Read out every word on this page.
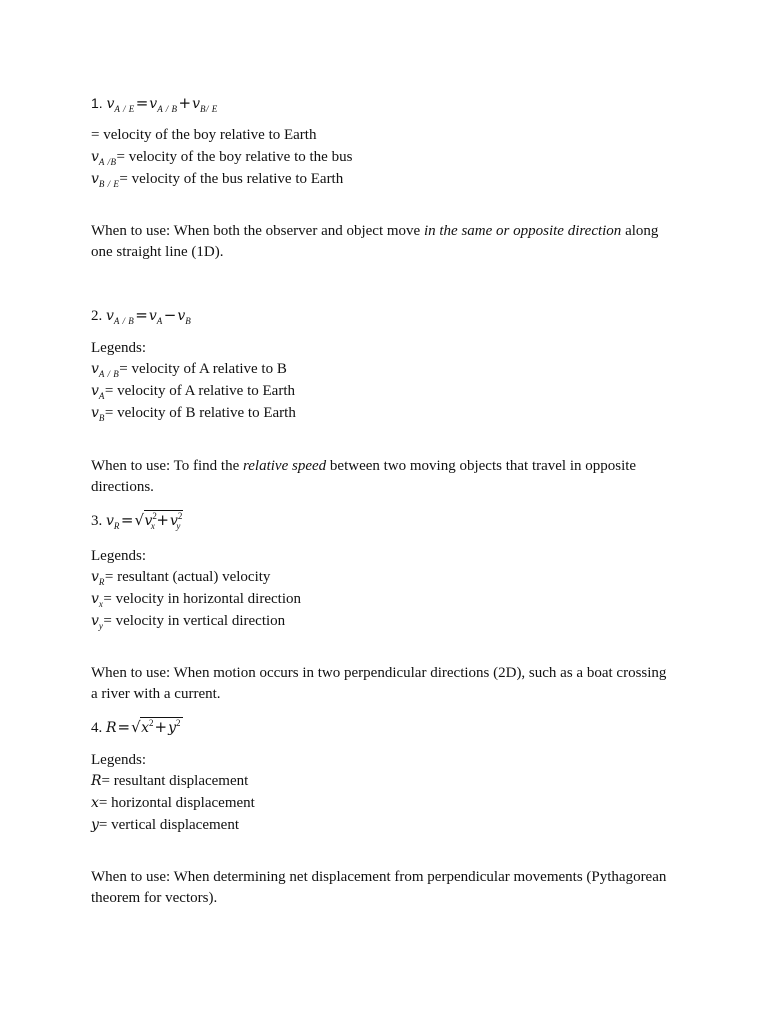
1. $v_{A / E}=v_{A / B}+v_{B/ E}$
= velocity of the boy relative to Earth
$v_{A /B}=$ velocity of the boy relative to the bus
$v_{B / E}=$ velocity of the bus relative to Earth
When to use: When both the observer and object move in the same or opposite direction along one straight line (1D).
2. $v_{A / B}=v_A-v_B$
Legends:
$v_{A / B}=$ velocity of A relative to B
$v_A=$ velocity of A relative to Earth
$v_B=$ velocity of B relative to Earth
When to use: To find the relative speed between two moving objects that travel in opposite directions.
3. $v_R=$ √ $v^2_x+v^2_y$
Legends:
$v_R=$ resultant (actual) velocity
$v_x=$ velocity in horizontal direction
$v_y=$ velocity in vertical direction
When to use: When motion occurs in two perpendicular directions (2D), such as a boat crossing a river with a current.
4. R= √ $x^2+y^2$
Legends:
R= resultant displacement
x= horizontal displacement
y= vertical displacement
When to use: When determining net displacement from perpendicular movements (Pythagorean theorem for vectors).
